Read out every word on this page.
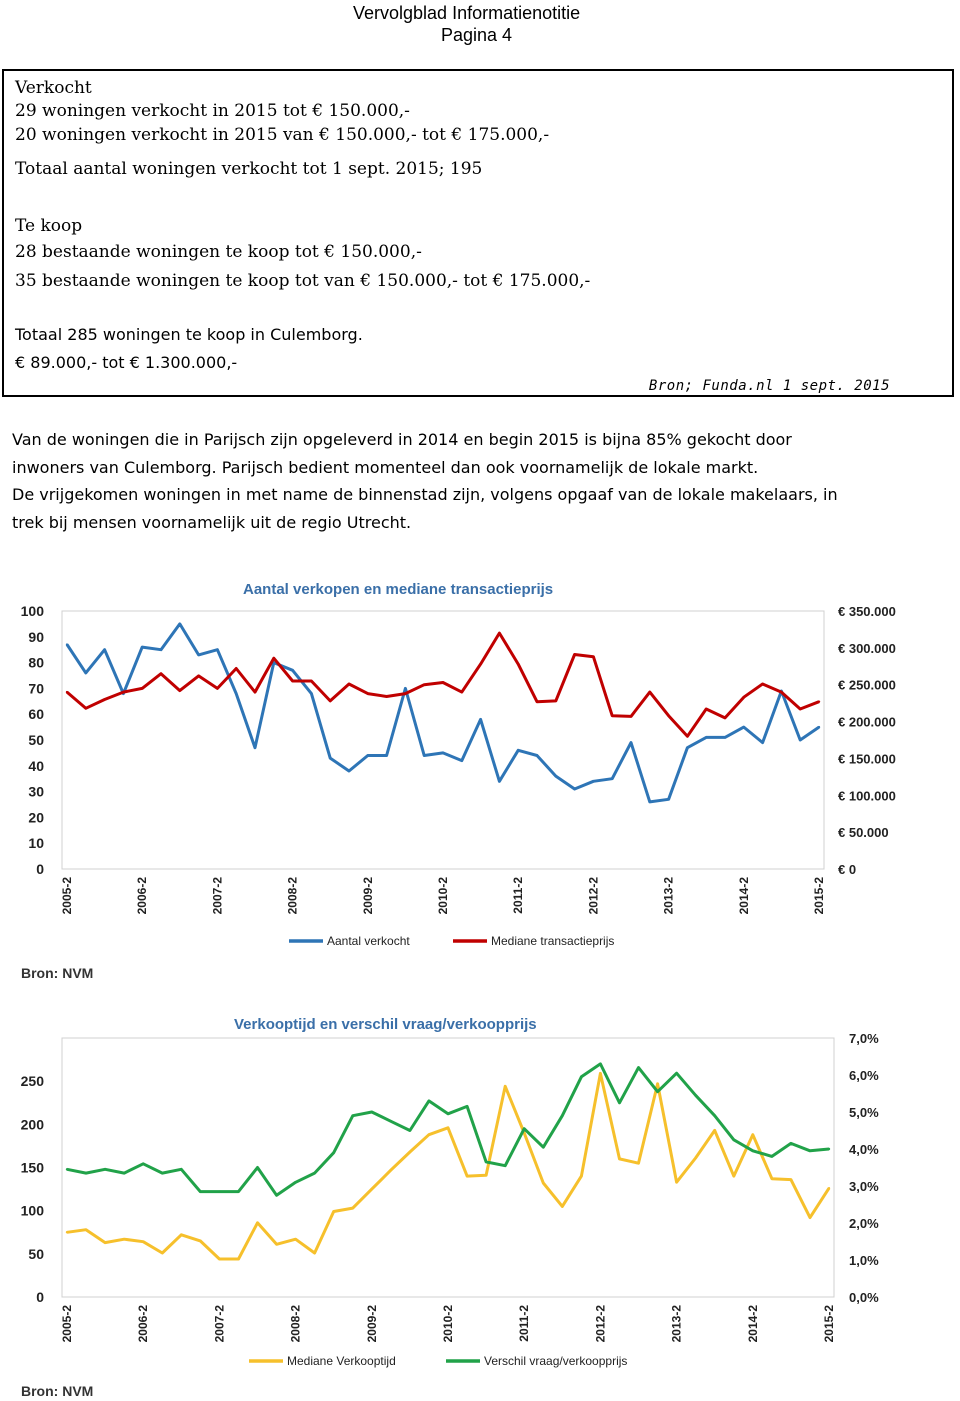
Vervolgblad Informatienotitie
Pagina 4
Verkocht
29 woningen verkocht in 2015 tot € 150.000,-
20 woningen verkocht in 2015 van € 150.000,- tot € 175.000,-
Totaal aantal woningen verkocht tot 1 sept. 2015; 195
Te koop
28 bestaande woningen te koop tot € 150.000,-
35 bestaande woningen te koop tot van € 150.000,- tot € 175.000,-
Totaal 285 woningen te koop in Culemborg.
€ 89.000,- tot € 1.300.000,-
Bron; Funda.nl 1 sept. 2015
Van de woningen die in Parijsch zijn opgeleverd in 2014 en begin 2015 is bijna 85% gekocht door
inwoners van Culemborg. Parijsch bedient momenteel dan ook voornamelijk de lokale markt.
De vrijgekomen woningen in met name de binnenstad zijn, volgens opgaaf van de lokale makelaars, in
trek bij mensen voornamelijk uit de regio Utrecht.
Aantal verkopen en mediane transactieprijs
0
10
20
30
40
50
60
70
80
90
100
€ 0
€ 50.000
€ 100.000
€ 150.000
€ 200.000
€ 250.000
€ 300.000
€ 350.000
2005-2	2006-2	2007-2	2008-2	2009-2	2010-2	2011-2	2012-2	2013-2	2014-2	2015-2
Aantal verkocht	Mediane transactieprijs
Bron: NVM
Verkooptijd en verschil vraag/verkoopprijs
0
50
100
150
200
250
0,0%
1,0%
2,0%
3,0%
4,0%
5,0%
6,0%
7,0%
2005-2	2006-2	2007-2	2008-2	2009-2	2010-2	2011-2	2012-2	2013-2	2014-2	2015-2
Mediane Verkooptijd	Verschil vraag/verkoopprijs
Bron: NVM
